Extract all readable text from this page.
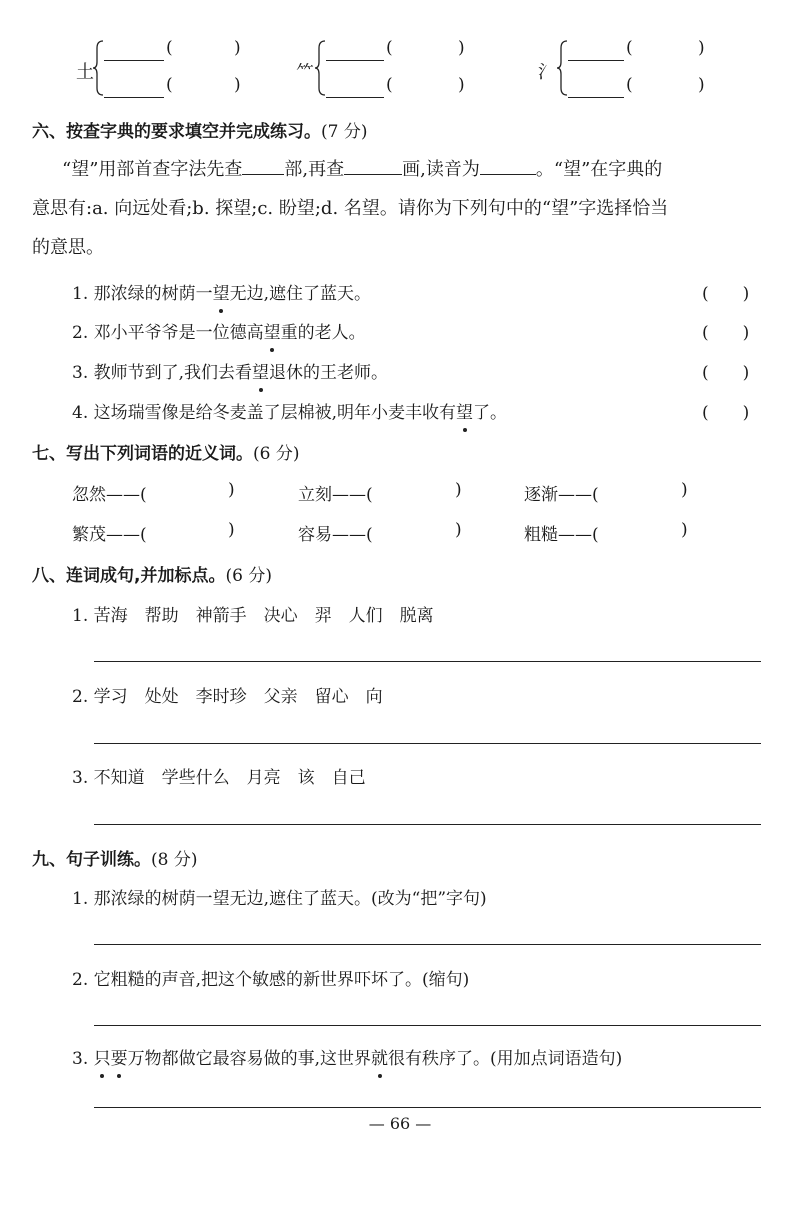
土
(	)
(	)
⺮
(	)
(	)
氵
(	)
(	)
六、按查字典的要求填空并完成练习。(7 分)
“望”用部首查字法先查 部,再查	画,读音为	。“望”在字典的
意思有:a. 向远处看;b. 探望;c. 盼望;d. 名望。请你为下列句中的“望”字选择恰当
的意思。
1. 那浓绿的树荫一望无边,遮住了蓝天。	(　　)
2. 邓小平爷爷是一位德高望重的老人。	(　　)
3. 教师节到了,我们去看望退休的王老师。	(　　)
4. 这场瑞雪像是给冬麦盖了层棉被,明年小麦丰收有望了。	(　　)
七、写出下列词语的近义词。(6 分)
忽然——(	)	立刻——(	)	逐渐——(	)
繁茂——(	)	容易——(	)	粗糙——(	)
八、连词成句,并加标点。(6 分)
1. 苦海　帮助　神箭手　决心　羿　人们　脱离
2. 学习　处处　李时珍　父亲　留心　向
3. 不知道　学些什么　月亮　该　自己
九、句子训练。(8 分)
1. 那浓绿的树荫一望无边,遮住了蓝天。(改为“把”字句)
2. 它粗糙的声音,把这个敏感的新世界吓坏了。(缩句)
3. 只要万物都做它最容易做的事,这世界就很有秩序了。(用加点词语造句)
— 66 —
